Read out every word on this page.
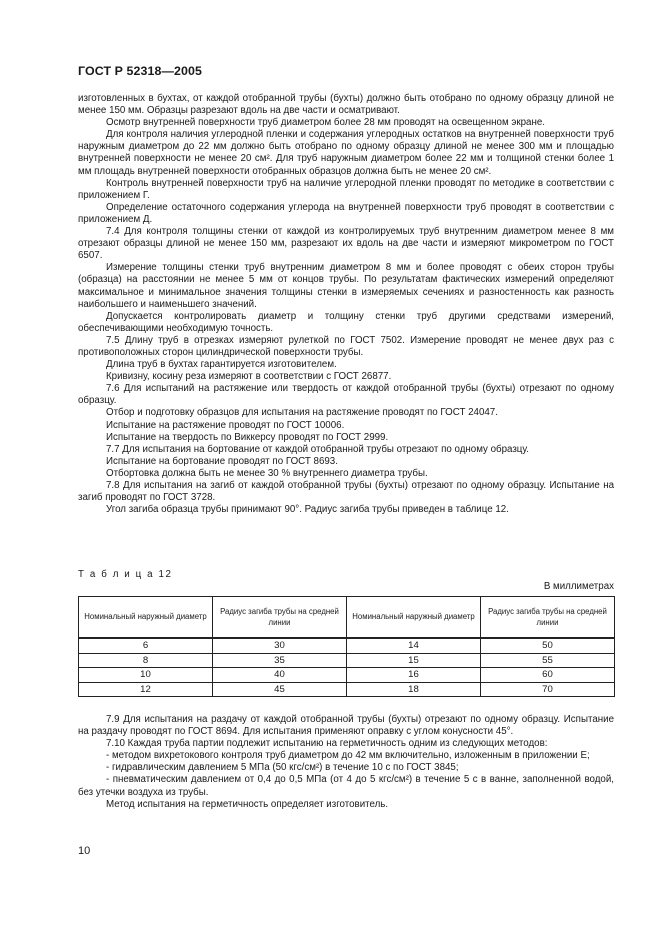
ГОСТ Р 52318—2005

изготовленных в бухтах, от каждой отобранной трубы (бухты) должно быть отобрано по одному образцу длиной не менее 150 мм. Образцы разрезают вдоль на две части и осматривают.

Осмотр внутренней поверхности труб диаметром более 28 мм проводят на освещенном экране.

Для контроля наличия углеродной пленки и содержания углеродных остатков на внутренней поверхности труб наружным диаметром до 22 мм должно быть отобрано по одному образцу длиной не менее 300 мм и площадью внутренней поверхности не менее 20 см². Для труб наружным диаметром более 22 мм и толщиной стенки более 1 мм площадь внутренней поверхности отобранных образцов должна быть не менее 20 см².

Контроль внутренней поверхности труб на наличие углеродной пленки проводят по методике в соответствии с приложением Г.

Определение остаточного содержания углерода на внутренней поверхности труб проводят в соответствии с приложением Д.

7.4 Для контроля толщины стенки от каждой из контролируемых труб внутренним диаметром менее 8 мм отрезают образцы длиной не менее 150 мм, разрезают их вдоль на две части и измеряют микрометром по ГОСТ 6507.

Измерение толщины стенки труб внутренним диаметром 8 мм и более проводят с обеих сторон трубы (образца) на расстоянии не менее 5 мм от концов трубы. По результатам фактических измерений определяют максимальное и минимальное значения толщины стенки в измеряемых сечениях и разностенность как разность наибольшего и наименьшего значений.

Допускается контролировать диаметр и толщину стенки труб другими средствами измерений, обеспечивающими необходимую точность.

7.5 Длину труб в отрезках измеряют рулеткой по ГОСТ 7502. Измерение проводят не менее двух раз с противоположных сторон цилиндрической поверхности трубы.

Длина труб в бухтах гарантируется изготовителем.

Кривизну, косину реза измеряют в соответствии с ГОСТ 26877.

7.6 Для испытаний на растяжение или твердость от каждой отобранной трубы (бухты) отрезают по одному образцу.

Отбор и подготовку образцов для испытания на растяжение проводят по ГОСТ 24047.

Испытание на растяжение проводят по ГОСТ 10006.

Испытание на твердость по Виккерсу проводят по ГОСТ 2999.

7.7 Для испытания на бортование от каждой отобранной трубы отрезают по одному образцу.

Испытание на бортование проводят по ГОСТ 8693.

Отбортовка должна быть не менее 30 % внутреннего диаметра трубы.

7.8 Для испытания на загиб от каждой отобранной трубы (бухты) отрезают по одному образцу. Испытание на загиб проводят по ГОСТ 3728.

Угол загиба образца трубы принимают 90°. Радиус загиба трубы приведен в таблице 12.

Т а б л и ц а 12
В миллиметрах
Номинальный наружный диаметр	Радиус загиба трубы на средней линии	Номинальный наружный диаметр	Радиус загиба трубы на средней линии
6	30	14	50
8	35	15	55
10	40	16	60
12	45	18	70

7.9 Для испытания на раздачу от каждой отобранной трубы (бухты) отрезают по одному образцу. Испытание на раздачу проводят по ГОСТ 8694. Для испытания применяют оправку с углом конусности 45°.

7.10 Каждая труба партии подлежит испытанию на герметичность одним из следующих методов:

- методом вихретокового контроля труб диаметром до 42 мм включительно, изложенным в приложении Е;

- гидравлическим давлением 5 МПа (50 кгс/см²) в течение 10 с по ГОСТ 3845;

- пневматическим давлением от 0,4 до 0,5 МПа (от 4 до 5 кгс/см²) в течение 5 с в ванне, заполненной водой, без утечки воздуха из трубы.

Метод испытания на герметичность определяет изготовитель.

10
